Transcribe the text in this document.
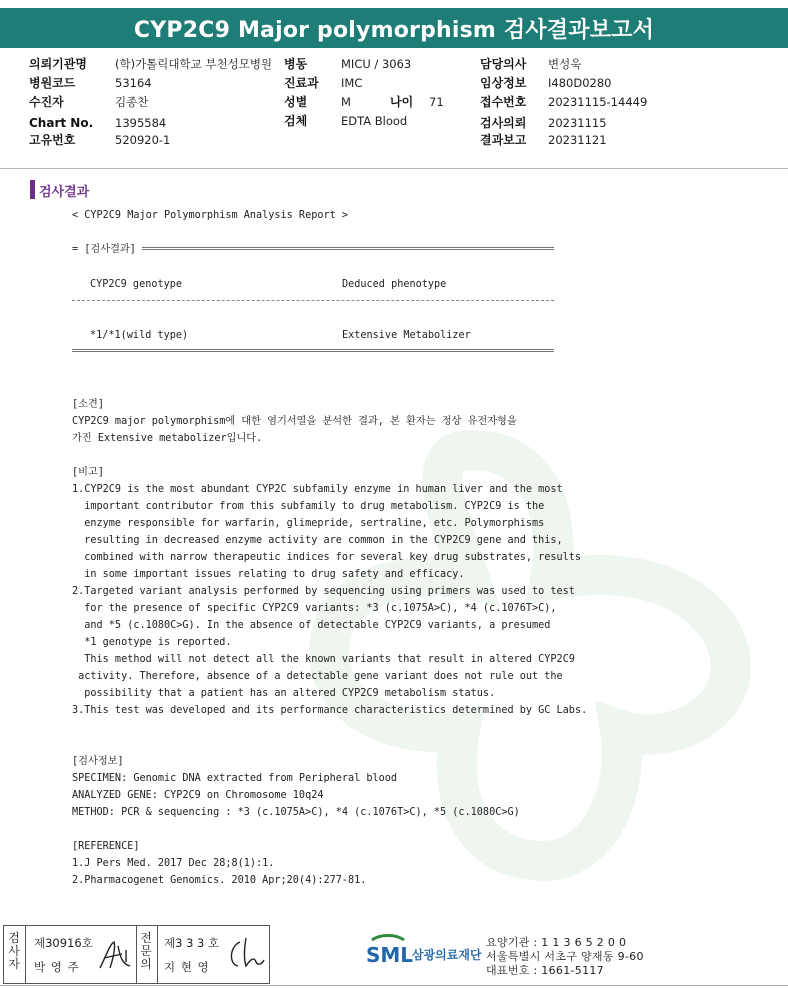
CYP2C9 Major polymorphism 검사결과보고서
의뢰기관명 (학)가톨릭대학교 부천성모병원 병동	MICU / 3063	담당의사 변성욱
병원코드	53164	진료과 IMC	임상정보 I480D0280
수진자	김종찬	성별	M	나이 71	접수번호 20231115-14449
Chart No. 1395584	검체	EDTA Blood	검사의뢰 20231115
고유번호	520920-1	결과보고 20231121
검사결과
< CYP2C9 Major Polymorphism Analysis Report >
= [검사결과]
CYP2C9 genotype	Deduced phenotype
*1/*1(wild type)	Extensive Metabolizer
[소견]
CYP2C9 major polymorphism에 대한 염기서열을 분석한 결과, 본 환자는 정상 유전자형을
가진 Extensive metabolizer입니다.
[비고]
1.CYP2C9 is the most abundant CYP2C subfamily enzyme in human liver and the most
important contributor from this subfamily to drug metabolism. CYP2C9 is the
enzyme responsible for warfarin, glimepride, sertraline, etc. Polymorphisms
resulting in decreased enzyme activity are common in the CYP2C9 gene and this,
combined with narrow therapeutic indices for several key drug substrates, results
in some important issues relating to drug safety and efficacy.
2.Targeted variant analysis performed by sequencing using primers was used to test
for the presence of specific CYP2C9 variants: *3 (c.1075A>C), *4 (c.1076T>C),
and *5 (c.1080C>G). In the absence of detectable CYP2C9 variants, a presumed
*1 genotype is reported.
This method will not detect all the known variants that result in altered CYP2C9
activity. Therefore, absence of a detectable gene variant does not rule out the
possibility that a patient has an altered CYP2C9 metabolism status.
3.This test was developed and its performance characteristics determined by GC Labs.
[검사정보]
SPECIMEN: Genomic DNA extracted from Peripheral blood
ANALYZED GENE: CYP2C9 on Chromosome 10q24
METHOD: PCR & sequencing : *3 (c.1075A>C), *4 (c.1076T>C), *5 (c.1080C>G)
[REFERENCE]
1.J Pers Med. 2017 Dec 28;8(1):1.
2.Pharmacogenet Genomics. 2010 Apr;20(4):277-81.
검
사
자
제30916호
박 영 주
전
문
의
제3 3 3 호
지 현 영	SML
삼광의료재단
요양기관 : 1 1 3 6 5 2 0 0
서울특별시 서초구 양재동 9-60
대표번호 : 1661-5117
